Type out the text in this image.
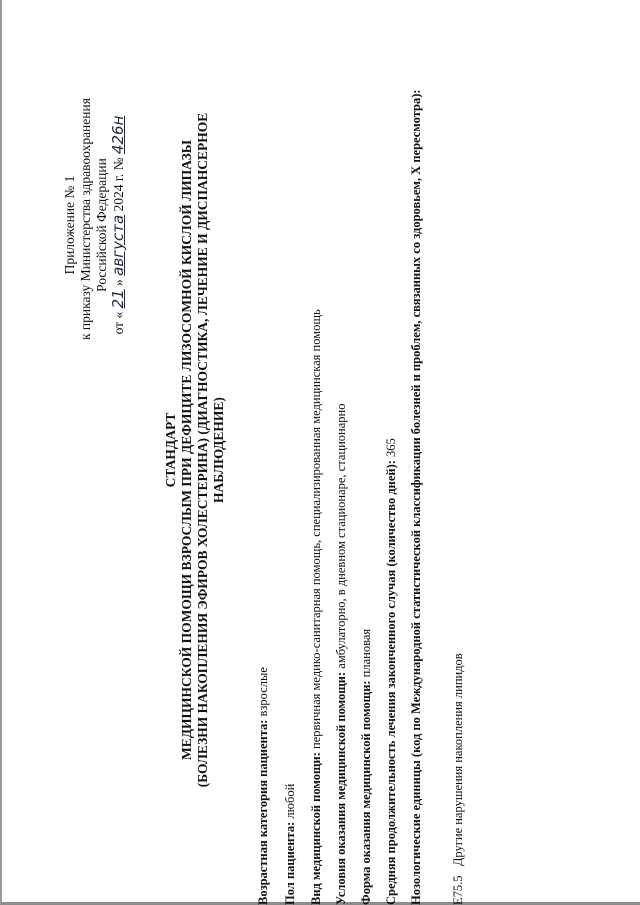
Приложение № 1 к приказу Министерства здравоохранения Российской Федерации
от « 21 » августа 2024 г. № 426н
СТАНДАРТ МЕДИЦИНСКОЙ ПОМОЩИ ВЗРОСЛЫМ ПРИ ДЕФИЦИТЕ ЛИЗОСОМНОЙ КИСЛОЙ ЛИПАЗЫ (БОЛЕЗНИ НАКОПЛЕНИЯ ЭФИРОВ ХОЛЕСТЕРИНА) (ДИАГНОСТИКА, ЛЕЧЕНИЕ И ДИСПАНСЕРНОЕ НАБЛЮДЕНИЕ)
Возрастная категория пациента: взрослые
Пол пациента: любой Вид медицинской помощи: первичная медико-санитарная помощь, специализированная медицинская помощь
Условия оказания медицинской помощи: амбулаторно, в дневном стационаре, стационарно
Форма оказания медицинской помощи: плановая Средняя продолжительность лечения законченного случая (количество дней): 365 Нозологические единицы (код по Международной статистической классификации болезней и проблем, связанных со здоровьем, X пересмотра): E75.5   Другие нарушения накопления липидов
